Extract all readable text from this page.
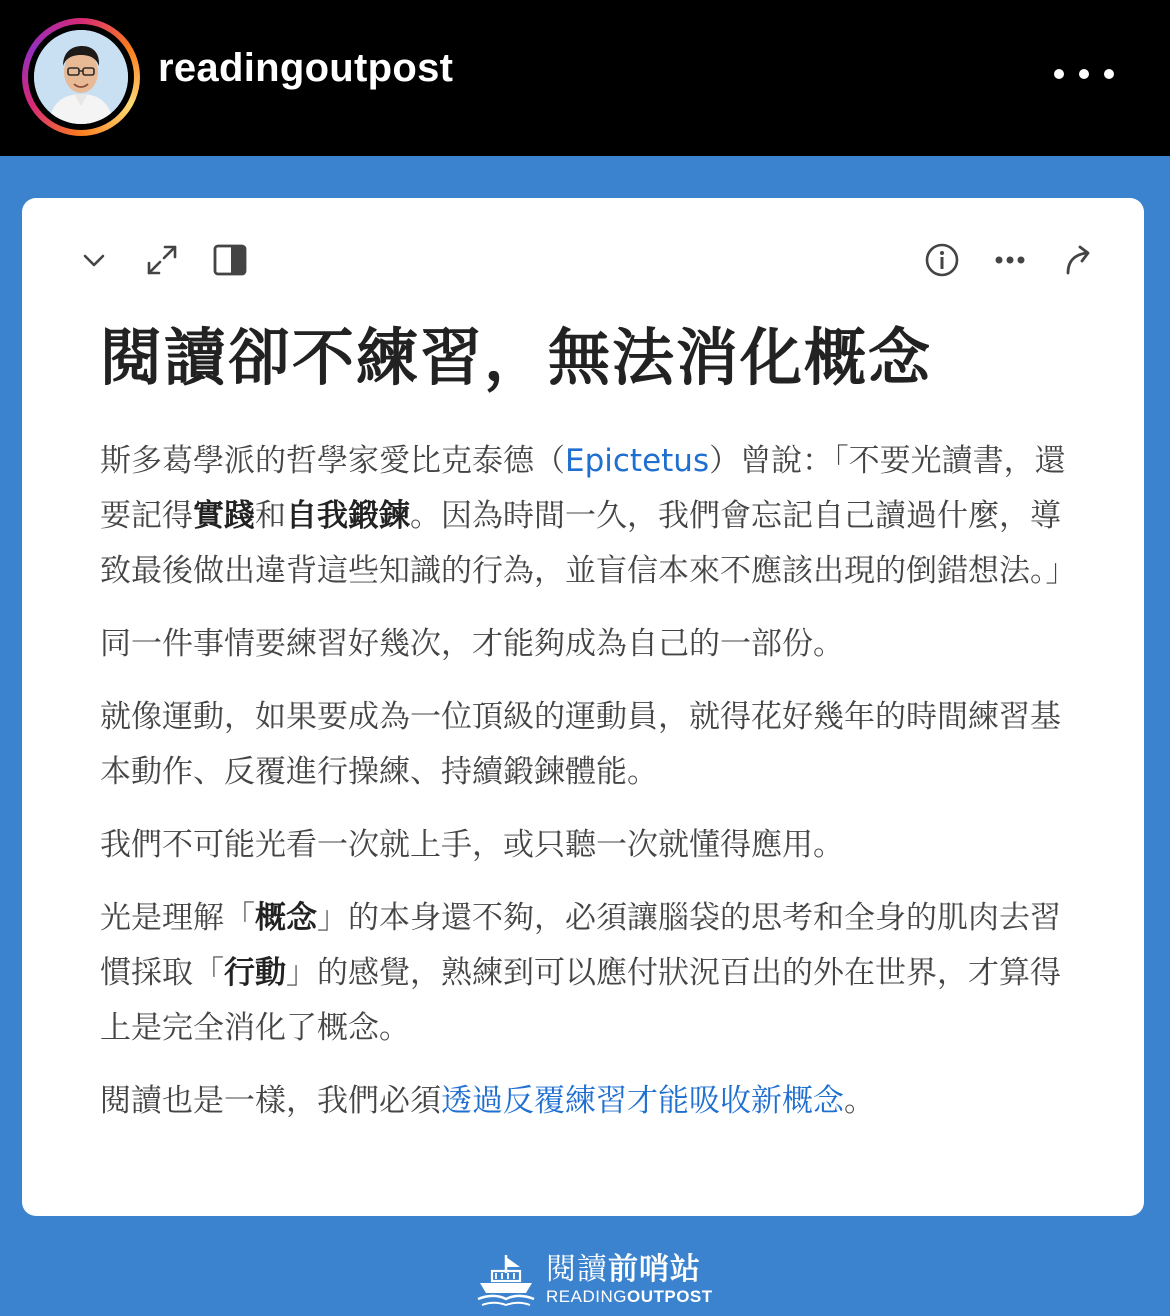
readingoutpost
閱讀卻不練習，無法消化概念

斯多葛學派的哲學家愛比克泰德（Epictetus）曾說：「不要光讀書，還要記得實踐和自我鍛鍊。因為時間一久，我們會忘記自己讀過什麼，導致最後做出違背這些知識的行為，並盲信本來不應該出現的倒錯想法。」

同一件事情要練習好幾次，才能夠成為自己的一部份。

就像運動，如果要成為一位頂級的運動員，就得花好幾年的時間練習基本動作、反覆進行操練、持續鍛鍊體能。

我們不可能光看一次就上手，或只聽一次就懂得應用。

光是理解「概念」的本身還不夠，必須讓腦袋的思考和全身的肌肉去習慣採取「行動」的感覺，熟練到可以應付狀況百出的外在世界，才算得上是完全消化了概念。

閱讀也是一樣，我們必須透過反覆練習才能吸收新概念。

閱讀前哨站
READINGOUTPOST
